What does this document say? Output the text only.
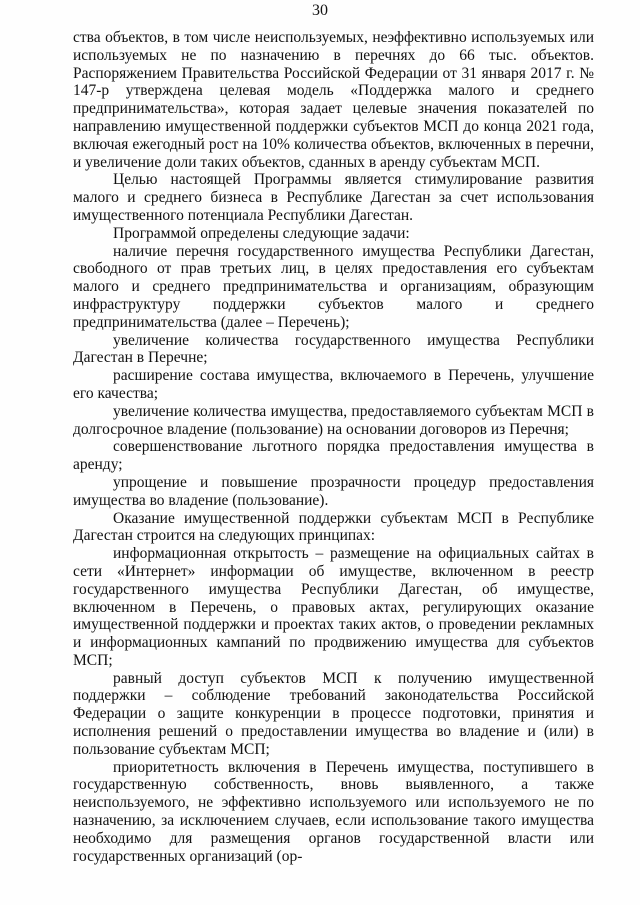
30

ства объектов, в том числе неиспользуемых, неэффективно используемых или используемых не по назначению в перечнях до 66 тыс. объектов. Распоряжением Правительства Российской Федерации от 31 января 2017 г. № 147-р утверждена целевая модель «Поддержка малого и среднего предпринимательства», которая задает целевые значения показателей по направлению имущественной поддержки субъектов МСП до конца 2021 года, включая ежегодный рост на 10% количества объектов, включенных в перечни, и увеличение доли таких объектов, сданных в аренду субъектам МСП.

Целью настоящей Программы является стимулирование развития малого и среднего бизнеса в Республике Дагестан за счет использования имущественного потенциала Республики Дагестан.

Программой определены следующие задачи:

наличие перечня государственного имущества Республики Дагестан, свободного от прав третьих лиц, в целях предоставления его субъектам малого и среднего предпринимательства и организациям, образующим инфраструктуру поддержки субъектов малого и среднего предпринимательства (далее – Перечень);

увеличение количества государственного имущества Республики Дагестан в Перечне;

расширение состава имущества, включаемого в Перечень, улучшение его качества;

увеличение количества имущества, предоставляемого субъектам МСП в долгосрочное владение (пользование) на основании договоров из Перечня;

совершенствование льготного порядка предоставления имущества в аренду;

упрощение и повышение прозрачности процедур предоставления имущества во владение (пользование).

Оказание имущественной поддержки субъектам МСП в Республике Дагестан строится на следующих принципах:

информационная открытость – размещение на официальных сайтах в сети «Интернет» информации об имуществе, включенном в реестр государственного имущества Республики Дагестан, об имуществе, включенном в Перечень, о правовых актах, регулирующих оказание имущественной поддержки и проектах таких актов, о проведении рекламных и информационных кампаний по продвижению имущества для субъектов МСП;

равный доступ субъектов МСП к получению имущественной поддержки – соблюдение требований законодательства Российской Федерации о защите конкуренции в процессе подготовки, принятия и исполнения решений о предоставлении имущества во владение и (или) в пользование субъектам МСП;

приоритетность включения в Перечень имущества, поступившего в государственную собственность, вновь выявленного, а также неиспользуемого, не эффективно используемого или используемого не по назначению, за исключением случаев, если использование такого имущества необходимо для размещения органов государственной власти или государственных организаций (ор-
